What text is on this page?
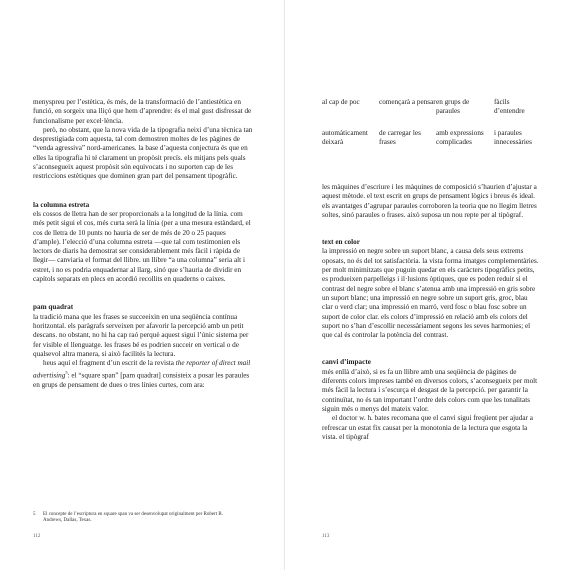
menyspreu per l’estètica, és més, de la transformació de l’antiestètica en funció, en sorgeix una lliçó que hem d’aprendre: és el mal gust disfressat de funcionalisme per excel·lència.

però, no obstant, que la nova vida de la tipografia neixi d’una tècnica tan desprestigiada com aquesta, tal com demostren moltes de les pàgines de “venda agressiva” nord-americanes. la base d’aquesta conjectura és que en elles la tipografia hi té clarament un propòsit precís. els mitjans pels quals s’aconsegueix aquest propòsit són equivocats i no suporten cap de les restriccions estètiques que dominen gran part del pensament tipogràfic.

la columna estreta

els cossos de lletra han de ser proporcionals a la longitud de la línia. com més petit sigui el cos, més curta serà la línia (per a una mesura estàndard, el cos de lletra de 10 punts no hauria de ser de més de 20 o 25 paques d’ample). l’elecció d’una columna estreta —que tal com testimonien els lectors de diaris ha demostrat ser considerablement més fàcil i ràpida de llegir— canviaria el format del llibre. un llibre “a una columna” seria alt i estret, i no es podria enquadernar al llarg, sinó que s’hauria de dividir en capítols separats en plecs en acordió recollits en quaderns o caixes.

pam quadrat

la tradició mana que les frases se succeeixin en una seqüència contínua horitzontal. els paràgrafs serveixen per afavorir la percepció amb un petit descans. no obstant, no hi ha cap raó perquè aquest sigui l’únic sistema per fer visible el llenguatge. les frases bé es podrien succeir en vertical o de qualsevol altra manera, si això facilités la lectura.

heus aquí el fragment d’un escrit de la revista the reporter of direct mail advertising$^5$: el “square span” [pam quadrat] consisteix a posar les paraules en grups de pensament de dues o tres línies curtes, com ara:

5 El concepte de l’escriptura en square span va ser desenvolupat originalment per Robert R. Andrews, Dallas, Texas.
112
al cap de poc	començarà a pensar en grups de paraules
fàcils d’entendre
automàticament deixarà
de carregar les frases
amb expressions complicades
i paraules innecessàries

les màquines d’escriure i les màquines de composició s’haurien d’ajustar a aquest mètode. el text escrit en grups de pensament lògics i breus és ideal. els avantatges d’agrupar paraules corroboren la teoria que no llegim lletres soltes, sinó paraules o frases. això suposa un nou repte per al tipògraf.

text en color

la impressió en negre sobre un suport blanc, a causa dels seus extrems oposats, no és del tot satisfactòria. la vista forma imatges complementàries. per molt minimitzats que puguin quedar en els caràcters tipogràfics petits, es produeixen parpelleigs i il·lusions òptiques, que es poden reduir si el contrast del negre sobre el blanc s’atenua amb una impressió en gris sobre un suport blanc; una impressió en negre sobre un suport gris, groc, blau clar o verd clar; una impressió en marró, verd fosc o blau fosc sobre un suport de color clar. els colors d’impressió en relació amb els colors del suport no s’han d’escollir necessàriament segons les seves harmonies; el que cal és controlar la potència del contrast.

canvi d’impacte

més enllà d’això, si es fa un llibre amb una seqüència de pàgines de diferents colors impreses també en diversos colors, s’aconsegueix per molt més fàcil la lectura i s’escurça el desgast de la percepció. per garantir la continuïtat, no és tan important l’ordre dels colors com que les tonalitats siguin més o menys del mateix valor.

el doctor w. h. bates recomana que el canvi sigui freqüent per ajudar a refrescar un estat fix causat per la monotonia de la lectura que esgota la vista. el tipògraf

113
